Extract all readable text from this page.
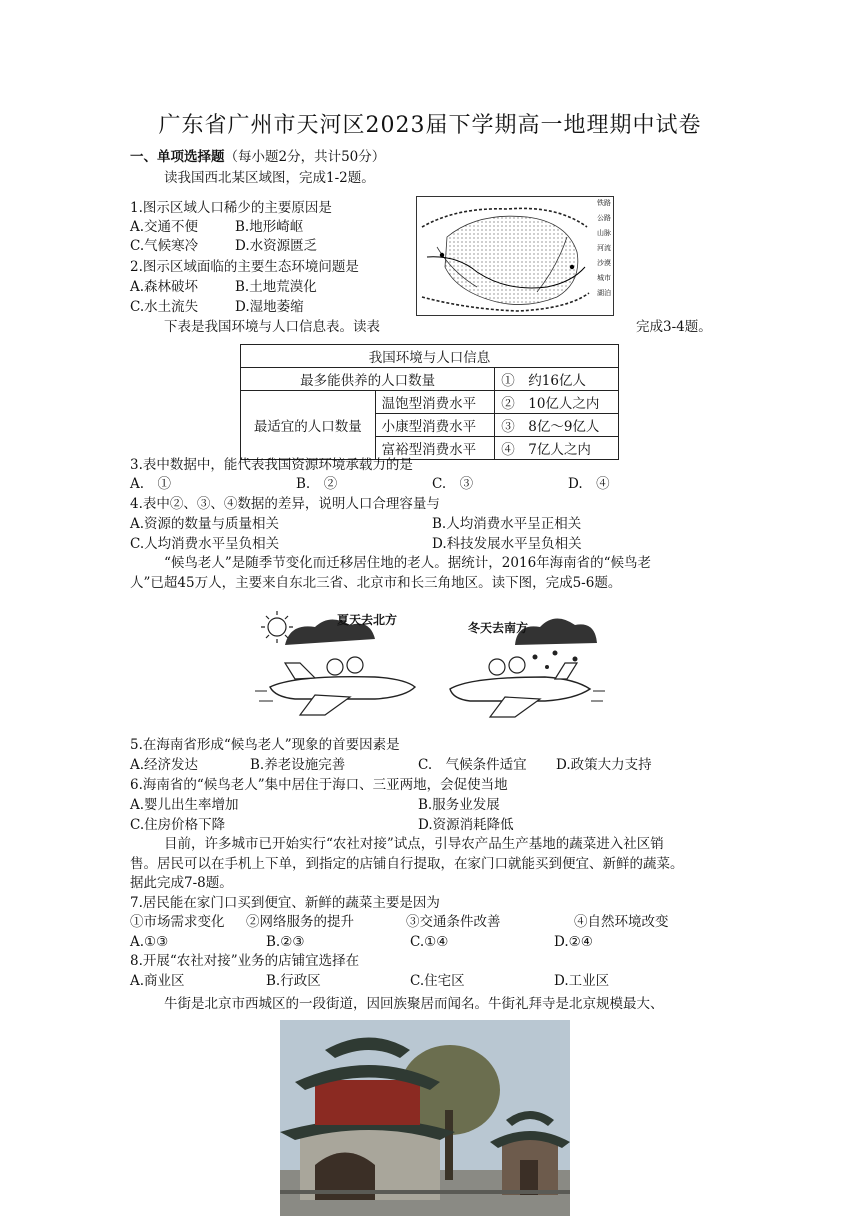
广东省广州市天河区2023届下学期高一地理期中试卷
一、单项选择题（每小题2分，共计50分）
读我国西北某区域图，完成1-2题。
1.图示区域人口稀少的主要原因是
A.交通不便	B.地形崎岖
C.气候寒冷	D.水资源匮乏
2.图示区域面临的主要生态环境问题是
A.森林破坏	B.土地荒漠化
C.水土流失	D.湿地萎缩
铁路
公路
山脉
河流
沙漠
城市
湖泊
下表是我国环境与人口信息表。读表	完成3-4题。
我国环境与人口信息		
最多能供养的人口数量		①　约16亿人
最适宜的人口数量	温饱型消费水平	②　10亿人之内
	小康型消费水平	③　8亿～9亿人
	富裕型消费水平	④　7亿人之内
3.表中数据中，能代表我国资源环境承载力的是
A.　①	B.　②	C.　③	D.　④
4.表中②、③、④数据的差异，说明人口合理容量与
A.资源的数量与质量相关	B.人均消费水平呈正相关
C.人均消费水平呈负相关	D.科技发展水平呈负相关
“候鸟老人”是随季节变化而迁移居住地的老人。据统计，2016年海南省的“候鸟老
人”已超45万人，主要来自东北三省、北京市和长三角地区。读下图，完成5-6题。
夏天去北方
冬天去南方
5.在海南省形成“候鸟老人”现象的首要因素是
A.经济发达	B.养老设施完善	C.　气候条件适宜 D.政策大力支持
6.海南省的“候鸟老人”集中居住于海口、三亚两地，会促使当地
A.婴儿出生率增加	B.服务业发展
C.住房价格下降	D.资源消耗降低
目前，许多城市已开始实行“农社对接”试点，引导农产品生产基地的蔬菜进入社区销
售。居民可以在手机上下单，到指定的店铺自行提取，在家门口就能买到便宜、新鲜的蔬菜。
据此完成7-8题。
7.居民能在家门口买到便宜、新鲜的蔬菜主要是因为
①市场需求变化 ②网络服务的提升	③交通条件改善	④自然环境改变
A.①③	B.②③	C.①④	D.②④
8.开展“农社对接”业务的店铺宜选择在
A.商业区	B.行政区	C.住宅区	D.工业区
牛街是北京市西城区的一段街道，因回族聚居而闻名。牛街礼拜寺是北京规模最大、
